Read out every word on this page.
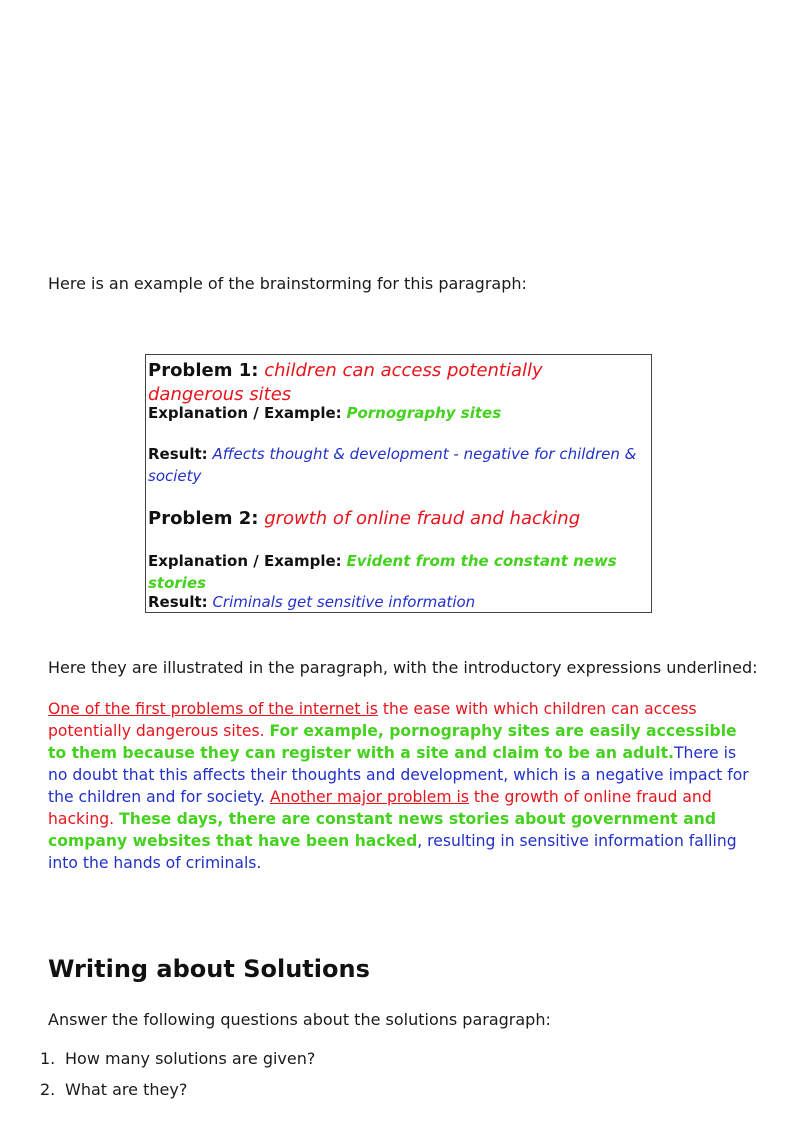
Here is an example of the brainstorming for this paragraph:

Problem 1: children can access potentially dangerous sites
Explanation / Example: Pornography sites
Result: Affects thought & development - negative for children & society
Problem 2: growth of online fraud and hacking
Explanation / Example: Evident from the constant news stories
Result: Criminals get sensitive information

Here they are illustrated in the paragraph, with the introductory expressions underlined:

One of the first problems of the internet is the ease with which children can access potentially dangerous sites. For example, pornography sites are easily accessible to them because they can register with a site and claim to be an adult.There is no doubt that this affects their thoughts and development, which is a negative impact for the children and for society. Another major problem is the growth of online fraud and hacking. These days, there are constant news stories about government and company websites that have been hacked, resulting in sensitive information falling into the hands of criminals.

Writing about Solutions

Answer the following questions about the solutions paragraph:

1. How many solutions are given?
2. What are they?
